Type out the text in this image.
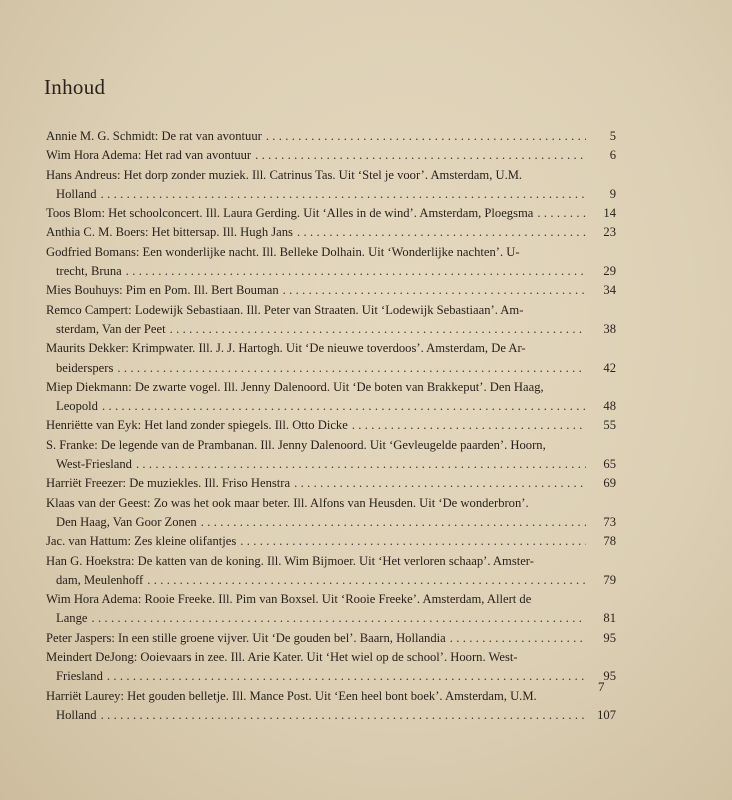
Inhoud
Annie M. G. Schmidt: De rat van avontuur . . .	5
Wim Hora Adema: Het rad van avontuur . . .	6
Hans Andreus: Het dorp zonder muziek. Ill. Catrinus Tas. Uit ‘Stel je voor’. Amsterdam, U.M.
Holland . . .	9
Toos Blom: Het schoolconcert. Ill. Laura Gerding. Uit ‘Alles in de wind’. Amsterdam, Ploegsma . . .	14
Anthia C. M. Boers: Het bittersap. Ill. Hugh Jans . . .	23
Godfried Bomans: Een wonderlijke nacht. Ill. Belleke Dolhain. Uit ‘Wonderlijke nachten’. U-
trecht, Bruna . . .	29
Mies Bouhuys: Pim en Pom. Ill. Bert Bouman . . .	34
Remco Campert: Lodewijk Sebastiaan. Ill. Peter van Straaten. Uit ‘Lodewijk Sebastiaan’. Am-
sterdam, Van der Peet . . .	38
Maurits Dekker: Krimpwater. Ill. J. J. Hartogh. Uit ‘De nieuwe toverdoos’. Amsterdam, De Ar-
beiderspers . . .	42
Miep Diekmann: De zwarte vogel. Ill. Jenny Dalenoord. Uit ‘De boten van Brakkeput’. Den Haag,
Leopold . . .	48
Henriëtte van Eyk: Het land zonder spiegels. Ill. Otto Dicke . . .	55
S. Franke: De legende van de Prambanan. Ill. Jenny Dalenoord. Uit ‘Gevleugelde paarden’. Hoorn,
West-Friesland . . .	65
Harriët Freezer: De muziekles. Ill. Friso Henstra . . .	69
Klaas van der Geest: Zo was het ook maar beter. Ill. Alfons van Heusden. Uit ‘De wonderbron’.
Den Haag, Van Goor Zonen . . .	73
Jac. van Hattum: Zes kleine olifantjes . . .	78
Han G. Hoekstra: De katten van de koning. Ill. Wim Bijmoer. Uit ‘Het verloren schaap’. Amster-
dam, Meulenhoff . . .	79
Wim Hora Adema: Rooie Freeke. Ill. Pim van Boxsel. Uit ‘Rooie Freeke’. Amsterdam, Allert de
Lange . . .	81
Peter Jaspers: In een stille groene vijver. Uit ‘De gouden bel’. Baarn, Hollandia . . .	95
Meindert DeJong: Ooievaars in zee. Ill. Arie Kater. Uit ‘Het wiel op de school’. Hoorn. West-
Friesland . . .	95
Harriët Laurey: Het gouden belletje. Ill. Mance Post. Uit ‘Een heel bont boek’. Amsterdam, U.M.
Holland . . .	107
7
